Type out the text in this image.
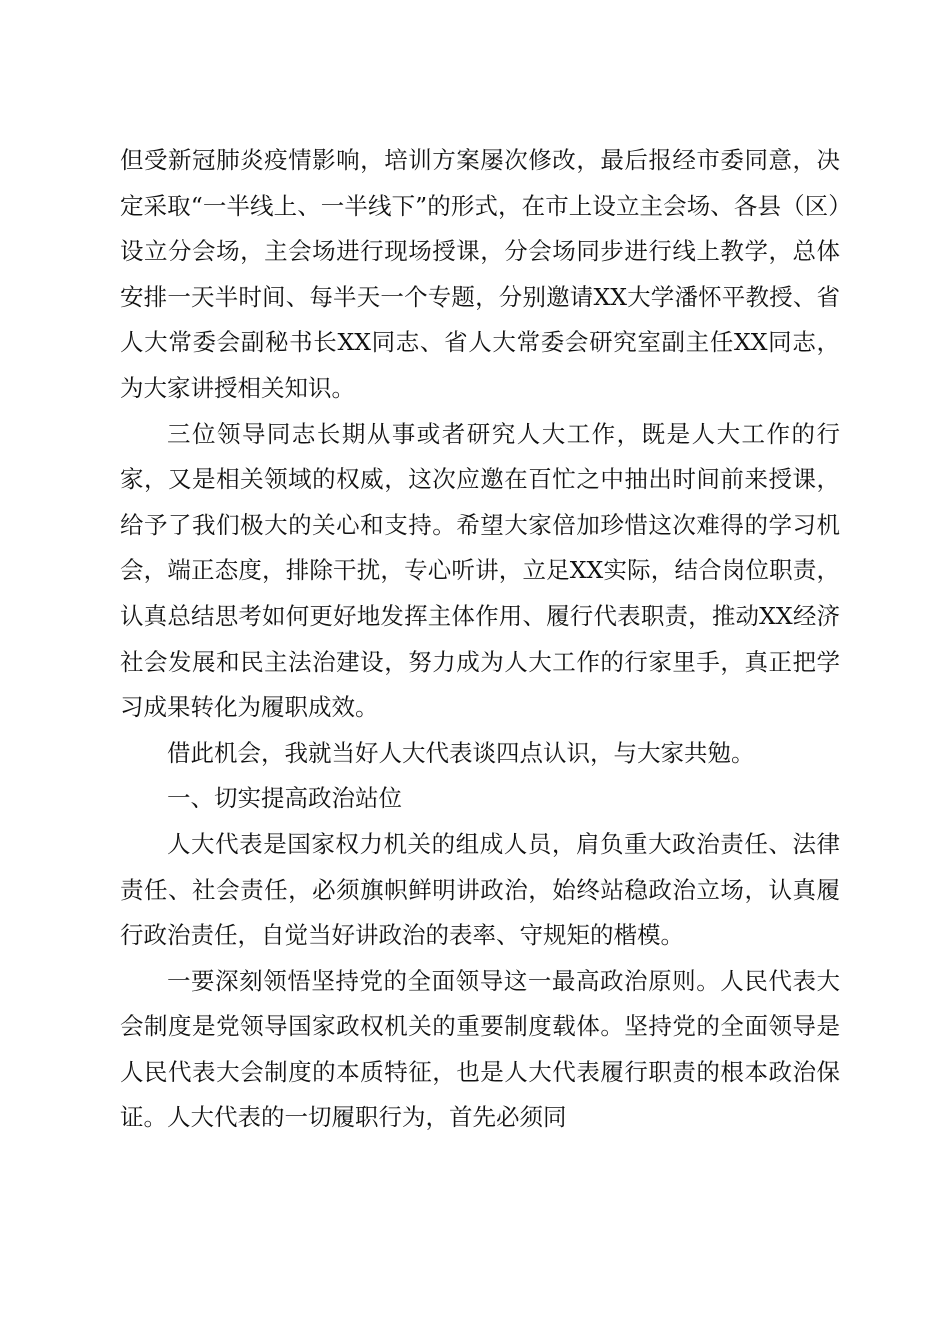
但受新冠肺炎疫情影响，培训方案屡次修改，最后报经市委同意，决定采取“一半线上、一半线下”的形式，在市上设立主会场、各县（区）设立分会场，主会场进行现场授课，分会场同步进行线上教学，总体安排一天半时间、每半天一个专题，分别邀请XX大学潘怀平教授、省人大常委会副秘书长XX同志、省人大常委会研究室副主任XX同志，为大家讲授相关知识。

三位领导同志长期从事或者研究人大工作，既是人大工作的行家，又是相关领域的权威，这次应邀在百忙之中抽出时间前来授课，给予了我们极大的关心和支持。希望大家倍加珍惜这次难得的学习机会，端正态度，排除干扰，专心听讲，立足XX实际，结合岗位职责，认真总结思考如何更好地发挥主体作用、履行代表职责，推动XX经济社会发展和民主法治建设，努力成为人大工作的行家里手，真正把学习成果转化为履职成效。

借此机会，我就当好人大代表谈四点认识，与大家共勉。

一、切实提高政治站位

人大代表是国家权力机关的组成人员，肩负重大政治责任、法律责任、社会责任，必须旗帜鲜明讲政治，始终站稳政治立场，认真履行政治责任，自觉当好讲政治的表率、守规矩的楷模。

一要深刻领悟坚持党的全面领导这一最高政治原则。人民代表大会制度是党领导国家政权机关的重要制度载体。坚持党的全面领导是人民代表大会制度的本质特征，也是人大代表履行职责的根本政治保证。人大代表的一切履职行为，首先必须同
